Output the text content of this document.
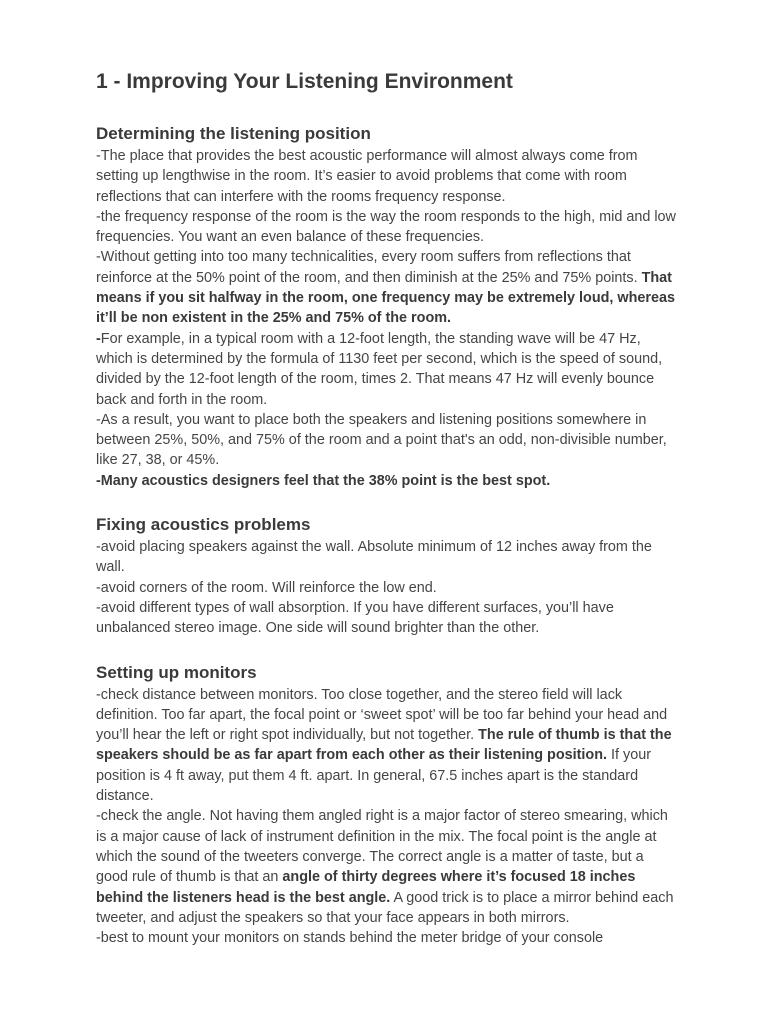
1 - Improving Your Listening Environment
Determining the listening position

-The place that provides the best acoustic performance will almost always come from setting up lengthwise in the room. It’s easier to avoid problems that come with room reflections that can interfere with the rooms frequency response.

-the frequency response of the room is the way the room responds to the high, mid and low frequencies. You want an even balance of these frequencies.

-Without getting into too many technicalities, every room suffers from reflections that reinforce at the 50% point of the room, and then diminish at the 25% and 75% points. That means if you sit halfway in the room, one frequency may be extremely loud, whereas it’ll be non existent in the 25% and 75% of the room.

-For example, in a typical room with a 12-foot length, the standing wave will be 47 Hz, which is determined by the formula of 1130 feet per second, which is the speed of sound, divided by the 12-foot length of the room, times 2. That means 47 Hz will evenly bounce back and forth in the room.

-As a result, you want to place both the speakers and listening positions somewhere in between 25%, 50%, and 75% of the room and a point that's an odd, non-divisible number, like 27, 38, or 45%.

-Many acoustics designers feel that the 38% point is the best spot.

Fixing acoustics problems

-avoid placing speakers against the wall. Absolute minimum of 12 inches away from the wall.

-avoid corners of the room. Will reinforce the low end.

-avoid different types of wall absorption. If you have different surfaces, you’ll have unbalanced stereo image. One side will sound brighter than the other.

Setting up monitors

-check distance between monitors. Too close together, and the stereo field will lack definition. Too far apart, the focal point or ‘sweet spot’ will be too far behind your head and you’ll hear the left or right spot individually, but not together. The rule of thumb is that the speakers should be as far apart from each other as their listening position. If your position is 4 ft away, put them 4 ft. apart. In general, 67.5 inches apart is the standard distance.

-check the angle. Not having them angled right is a major factor of stereo smearing, which is a major cause of lack of instrument definition in the mix. The focal point is the angle at which the sound of the tweeters converge. The correct angle is a matter of taste, but a good rule of thumb is that an angle of thirty degrees where it’s focused 18 inches behind the listeners head is the best angle. A good trick is to place a mirror behind each tweeter, and adjust the speakers so that your face appears in both mirrors.

-best to mount your monitors on stands behind the meter bridge of your console
